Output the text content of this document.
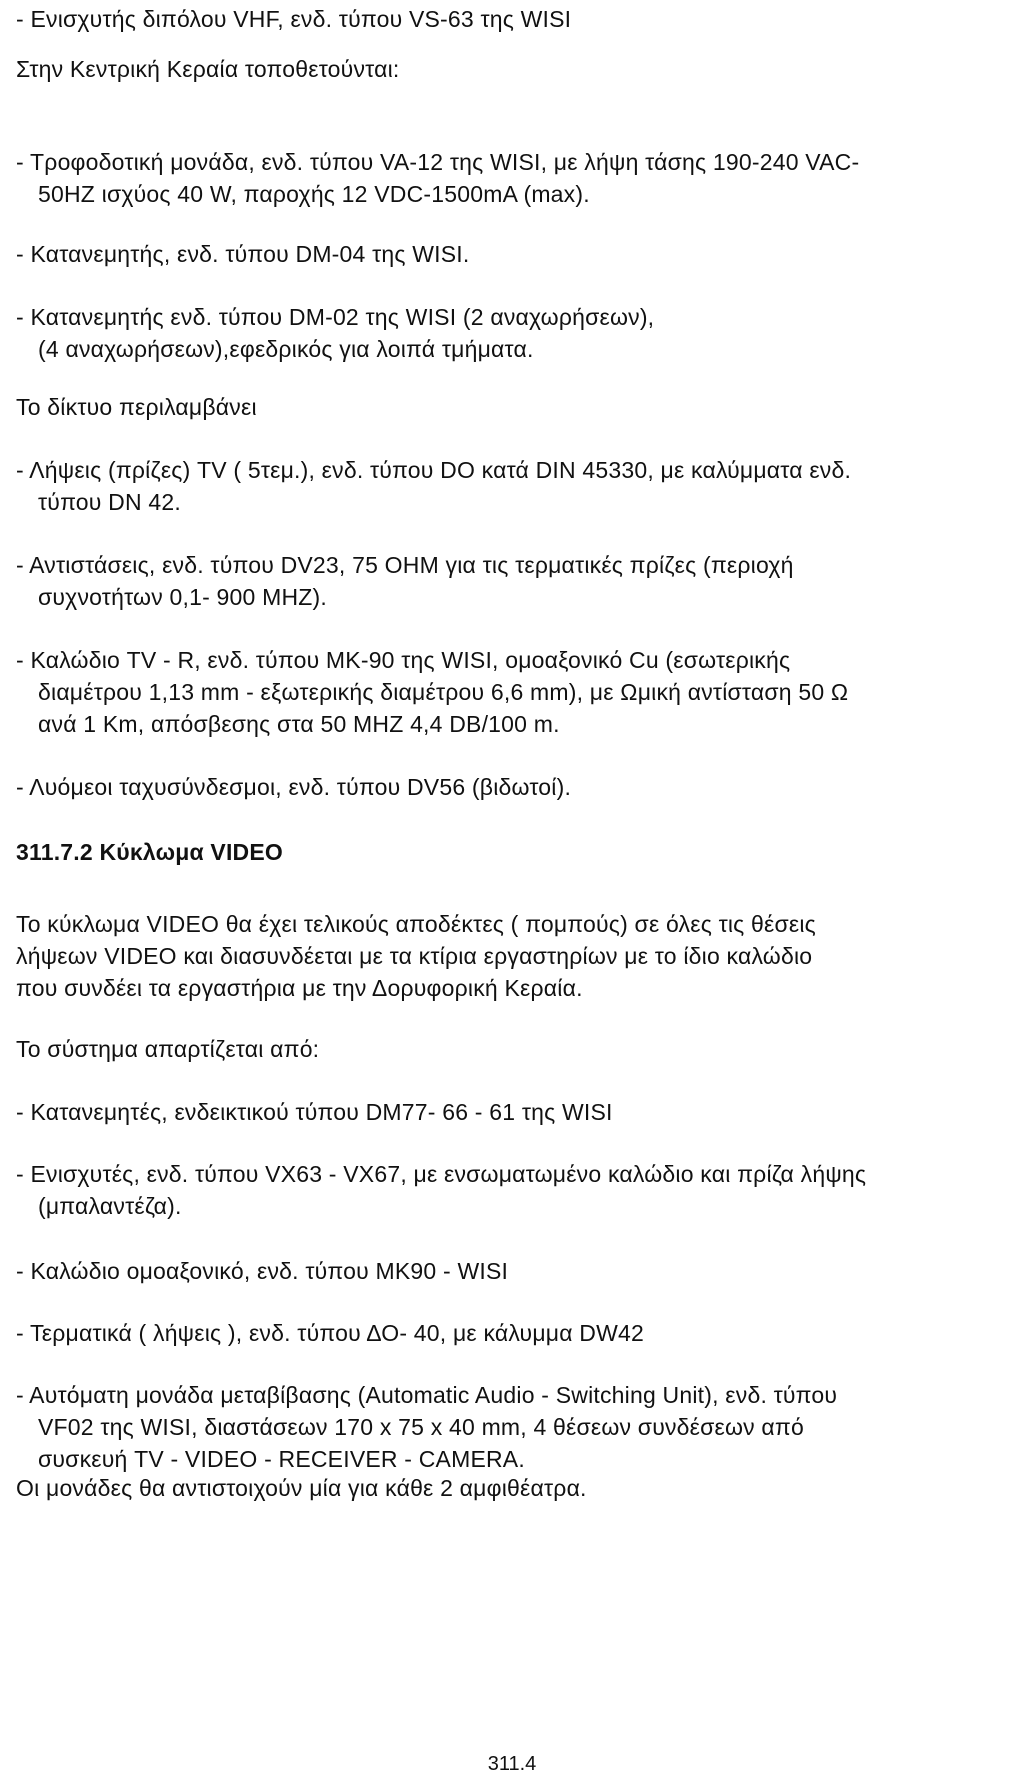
- Ενισχυτής διπόλου VHF, ενδ. τύπου VS-63 της WISI
Στην Κεντρική Κεραία τοποθετούνται:
- Τροφοδοτική μονάδα, ενδ. τύπου VA-12 της WISI, με λήψη τάσης 190-240 VAC-
50HZ ισχύος 40 W, παροχής 12 VDC-1500mA (max).
- Κατανεμητής, ενδ. τύπου DM-04 της WISI.
- Κατανεμητής ενδ. τύπου DM-02 της WISI (2 αναχωρήσεων),
(4 αναχωρήσεων),εφεδρικός για λοιπά τμήματα.
Το δίκτυο περιλαμβάνει
- Λήψεις (πρίζες) TV ( 5τεμ.), ενδ. τύπου DO κατά DIN 45330, με καλύμματα ενδ.
τύπου DN 42.
- Αντιστάσεις, ενδ. τύπου DV23, 75 OHM για τις τερματικές πρίζες (περιοχή
συχνοτήτων 0,1- 900 MHZ).
- Καλώδιο TV - R, ενδ. τύπου MK-90 της WISI, ομοαξονικό Cu (εσωτερικής
διαμέτρου 1,13 mm - εξωτερικής διαμέτρου 6,6 mm), με Ωμική αντίσταση 50 Ω
ανά 1 Km, απόσβεσης στα 50 MHZ 4,4 DB/100 m.
- Λυόμεοι ταχυσύνδεσμοι, ενδ. τύπου DV56 (βιδωτοί).
311.7.2 Κύκλωμα VIDEO
Το κύκλωμα VIDEO θα έχει τελικούς αποδέκτες ( πομπούς) σε όλες τις θέσεις
λήψεων VIDEO και διασυνδέεται με τα κτίρια εργαστηρίων με το ίδιο καλώδιο
που συνδέει τα εργαστήρια με την Δορυφορική Κεραία.
Το σύστημα απαρτίζεται από:
- Κατανεμητές, ενδεικτικού τύπου DM77- 66 - 61 της WISI
- Ενισχυτές, ενδ. τύπου VX63 - VX67, με ενσωματωμένο καλώδιο και πρίζα λήψης
(μπαλαντέζα).
- Καλώδιο ομοαξονικό, ενδ. τύπου MK90 - WISI
- Τερματικά ( λήψεις ), ενδ. τύπου ΔΟ- 40, με κάλυμμα DW42
- Αυτόματη μονάδα μεταβίβασης (Automatic Audio - Switching Unit), ενδ. τύπου
VF02 της WISI, διαστάσεων 170 x 75 x 40 mm, 4 θέσεων συνδέσεων από
συσκευή TV - VIDEO - RECEIVER - CAMERA.
Οι μονάδες θα αντιστοιχούν μία για κάθε 2 αμφιθέατρα.
311.4
